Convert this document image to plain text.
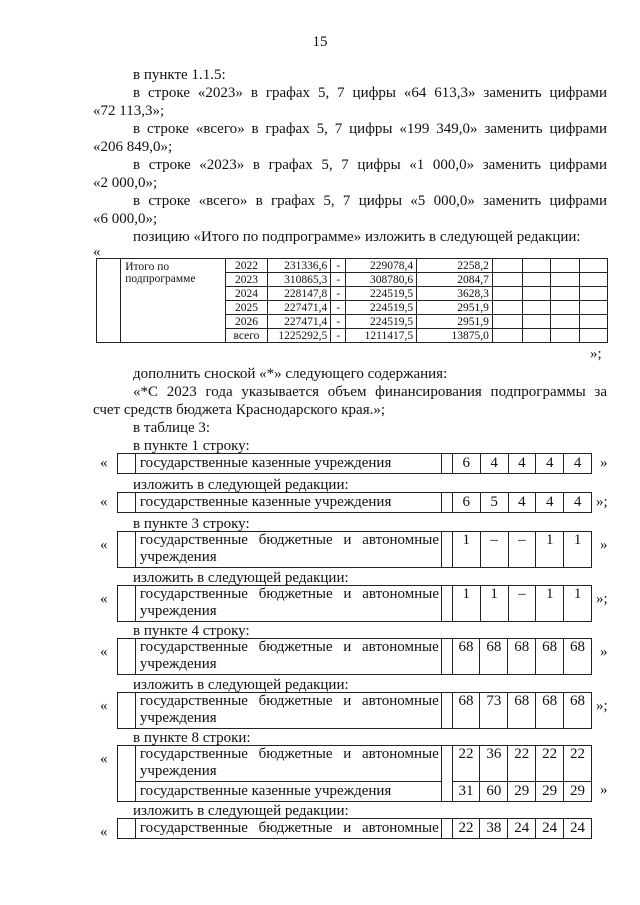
15
в пункте 1.1.5:
в строке «2023» в графах 5, 7 цифры «64 613,3» заменить цифрами
«72 113,3»;
в строке «всего» в графах 5, 7 цифры «199 349,0» заменить цифрами
«206 849,0»;
в строке «2023» в графах 5, 7 цифры «1 000,0» заменить цифрами
«2 000,0»;
в строке «всего» в графах 5, 7 цифры «5 000,0» заменить цифрами
«6 000,0»;
позицию «Итого по подпрограмме» изложить в следующей редакции:
«

	Итого по
подпрограмме	2022	231336,6	-	229078,4	2258,2				
		2023	310865,3	-	308780,6	2084,7				
		2024	228147,8	-	224519,5	3628,3				
		2025	227471,4	-	224519,5	2951,9				
		2026	227471,4	-	224519,5	2951,9				
		всего	1225292,5	-	1211417,5	13875,0				
»;
дополнить сноской «*» следующего содержания:
«*С 2023 года указывается объем финансирования подпрограммы за
счет средств бюджета Краснодарского края.»;
в таблице 3:
в пункте 1 строку:
«
	государственные казенные учреждения		6	4	4	4	4 »
изложить в следующей редакции:
«
	государственные казенные учреждения		6	5	4	4	4 »;
в пункте 3 строку:
«
	государственные бюджетные и автономные
учреждения
		1	–	–	1	1 »
изложить в следующей редакции:
«
	государственные бюджетные и автономные
учреждения
		1	1	–	1	1 »;
в пункте 4 строку:
«
	государственные бюджетные и автономные
учреждения
		68	68	68	68	68 »
изложить в следующей редакции:
«
	государственные бюджетные и автономные
учреждения
		68	73	68	68	68 »;
в пункте 8 строки:
«

	государственные бюджетные и автономные
учреждения		22	36	22	22	22
	государственные казенные учреждения		31	60	29	29	29 »
изложить в следующей редакции:
«
	государственные бюджетные и автономные		22	38	24	24	24
